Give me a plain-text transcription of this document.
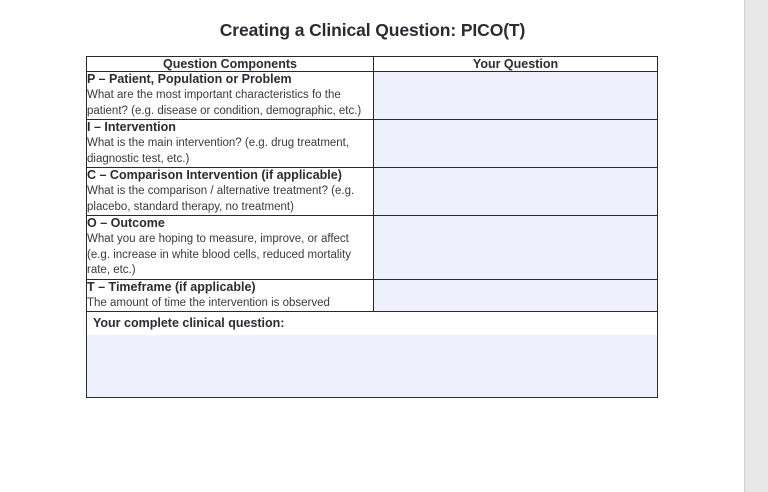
Creating a Clinical Question: PICO(T)
Question Components	Your Question

P – Patient, Population or Problem

What are the most important characteristics fo the patient? (e.g. disease or condition, demographic, etc.)	

I – Intervention

What is the main intervention? (e.g. drug treatment, diagnostic test, etc.)	

C – Comparison Intervention (if applicable)

What is the comparison / alternative treatment? (e.g. placebo, standard therapy, no treatment)	

O – Outcome

What you are hoping to measure, improve, or affect (e.g. increase in white blood cells, reduced mortality rate, etc.)	

T – Timeframe (if applicable)

The amount of time the intervention is observed	

Your complete clinical question:	
